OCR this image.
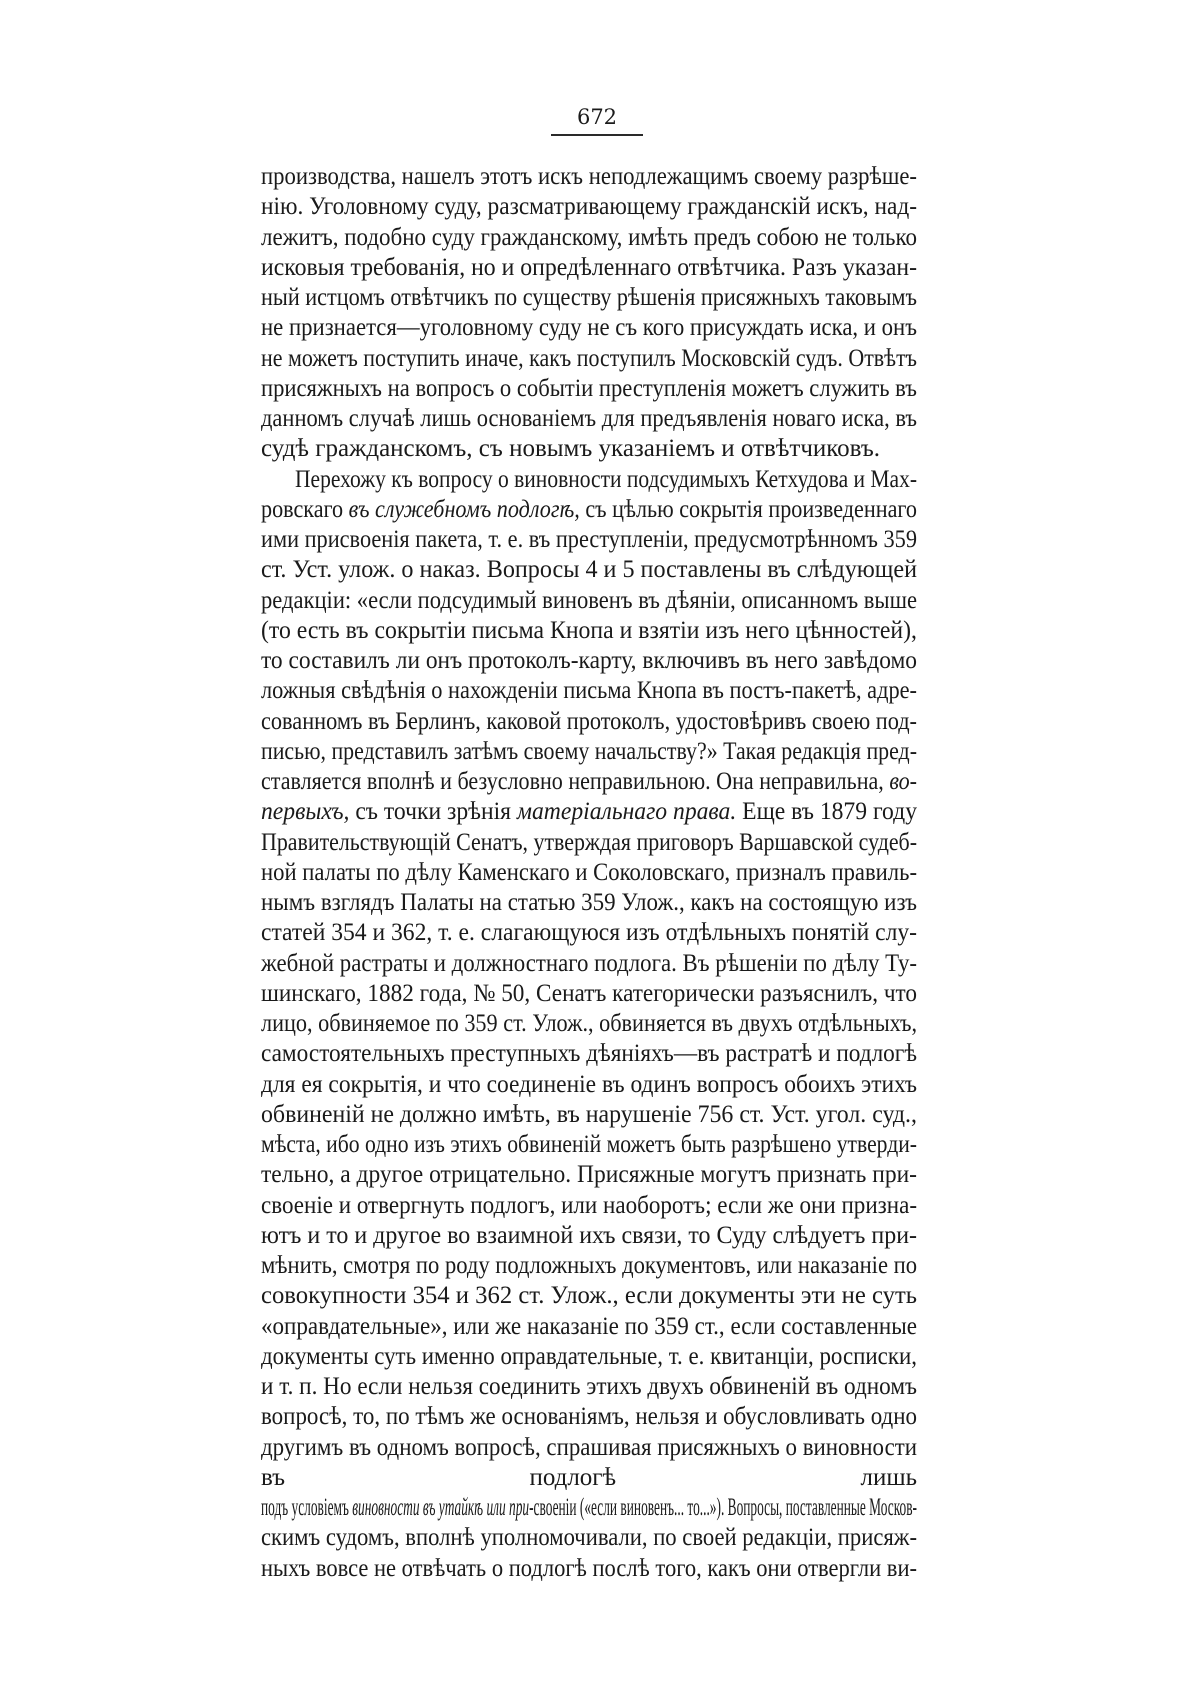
672
производства, нашелъ этотъ искъ неподлежащимъ своему разрѣше-
нію. Уголовному суду, разсматривающему гражданскій искъ, над-
лежитъ, подобно суду гражданскому, имѣть предъ собою не только
исковыя требованія, но и опредѣленнаго отвѣтчика. Разъ указан-
ный истцомъ отвѣтчикъ по существу рѣшенія присяжныхъ таковымъ
не признается—уголовному суду не съ кого присуждать иска, и онъ
не можетъ поступить иначе, какъ поступилъ Московскій судъ. Отвѣтъ
присяжныхъ на вопросъ о событіи преступленія можетъ служить въ
данномъ случаѣ лишь основаніемъ для предъявленія новаго иска, въ
судѣ гражданскомъ, съ новымъ указаніемъ и отвѣтчиковъ.
Перехожу къ вопросу о виновности подсудимыхъ Кетхудова и Мах-
ровскаго въ служебномъ подлогѣ, съ цѣлью сокрытія произведеннаго
ими присвоенія пакета, т. е. въ преступленіи, предусмотрѣнномъ 359
ст. Уст. улож. о наказ. Вопросы 4 и 5 поставлены въ слѣдующей
редакціи: «если подсудимый виновенъ въ дѣяніи, описанномъ выше
(то есть въ сокрытіи письма Кнопа и взятіи изъ него цѣнностей),
то составилъ ли онъ протоколъ-карту, включивъ въ него завѣдомо
ложныя свѣдѣнія о нахожденіи письма Кнопа въ постъ-пакетѣ, адре-
сованномъ въ Берлинъ, каковой протоколъ, удостовѣривъ своею под-
писью, представилъ затѣмъ своему начальству?» Такая редакція пред-
ставляется вполнѣ и безусловно неправильною. Она неправильна, во-
первыхъ, съ точки зрѣнія матеріальнаго права. Еще въ 1879 году
Правительствующій Сенатъ, утверждая приговоръ Варшавской судеб-
ной палаты по дѣлу Каменскаго и Соколовскаго, призналъ правиль-
нымъ взглядъ Палаты на статью 359 Улож., какъ на состоящую изъ
статей 354 и 362, т. е. слагающуюся изъ отдѣльныхъ понятій слу-
жебной растраты и должностнаго подлога. Въ рѣшеніи по дѣлу Ту-
шинскаго, 1882 года, № 50, Сенатъ категорически разъяснилъ, что
лицо, обвиняемое по 359 ст. Улож., обвиняется въ двухъ отдѣльныхъ,
самостоятельныхъ преступныхъ дѣяніяхъ—въ растратѣ и подлогѣ
для ея сокрытія, и что соединеніе въ одинъ вопросъ обоихъ этихъ
обвиненій не должно имѣть, въ нарушеніе 756 ст. Уст. угол. суд.,
мѣста, ибо одно изъ этихъ обвиненій можетъ быть разрѣшено утверди-
тельно, а другое отрицательно. Присяжные могутъ признать при-
своеніе и отвергнуть подлогъ, или наоборотъ; если же они призна-
ютъ и то и другое во взаимной ихъ связи, то Суду слѣдуетъ при-
мѣнить, смотря по роду подложныхъ документовъ, или наказаніе по
совокупности 354 и 362 ст. Улож., если документы эти не суть
«оправдательные», или же наказаніе по 359 ст., если составленные
документы суть именно оправдательные, т. е. квитанціи, росписки,
и т. п. Но если нельзя соединить этихъ двухъ обвиненій въ одномъ
вопросѣ, то, по тѣмъ же основаніямъ, нельзя и обусловливать одно
другимъ въ одномъ вопросѣ, спрашивая присяжныхъ о виновности
въ подлогѣ лишь
подъ условіемъ виновности въ утайкѣ или при-своеніи («если виновенъ... то...»). Вопросы, поставленные Москов-
скимъ судомъ, вполнѣ уполномочивали, по своей редакціи, присяж-
ныхъ вовсе не отвѣчать о подлогѣ послѣ того, какъ они отвергли ви-
